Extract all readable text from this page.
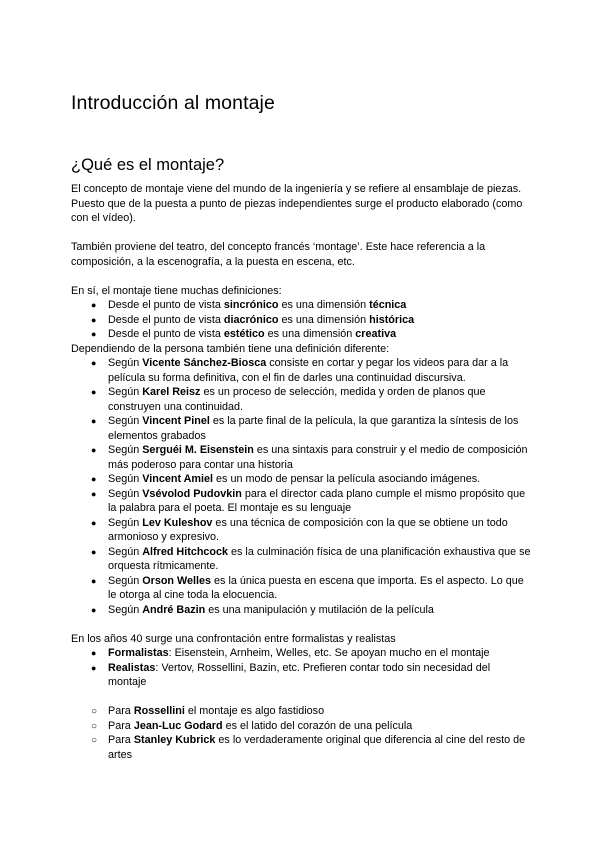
Introducción al montaje
¿Qué es el montaje?

El concepto de montaje viene del mundo de la ingeniería y se refiere al ensamblaje de piezas. Puesto que de la puesta a punto de piezas independientes surge el producto elaborado (como con el vídeo).

También proviene del teatro, del concepto francés ‘montage’. Este hace referencia a la composición, a la escenografía, a la puesta en escena, etc.

En sí, el montaje tiene muchas definiciones:

●
Desde el punto de vista sincrónico es una dimensión técnica
●
Desde el punto de vista diacrónico es una dimensión histórica
●
Desde el punto de vista estético es una dimensión creativa

Dependiendo de la persona también tiene una definición diferente:

●
Según Vicente Sánchez-Biosca consiste en cortar y pegar los videos para dar a la película su forma definitiva, con el fin de darles una continuidad discursiva.
●
Según Karel Reisz es un proceso de selección, medida y orden de planos que construyen una continuidad.
●
Según Vincent Pinel es la parte final de la película, la que garantiza la síntesis de los elementos grabados
●
Según Serguéi M. Eisenstein es una sintaxis para construir y el medio de composición más poderoso para contar una historia
●
Según Vincent Amiel es un modo de pensar la película asociando imágenes.
●
Según Vsévolod Pudovkin para el director cada plano cumple el mismo propósito que la palabra para el poeta. El montaje es su lenguaje
●
Según Lev Kuleshov es una técnica de composición con la que se obtiene un todo armonioso y expresivo.
●
Según Alfred Hitchcock es la culminación física de una planificación exhaustiva que se orquesta rítmicamente.
●
Según Orson Welles es la única puesta en escena que importa. Es el aspecto. Lo que le otorga al cine toda la elocuencia.
●
Según André Bazin es una manipulación y mutilación de la película

En los años 40 surge una confrontación entre formalistas y realistas

●
Formalistas: Eisenstein, Arnheim, Welles, etc. Se apoyan mucho en el montaje
●
Realistas: Vertov, Rossellini, Bazin, etc. Prefieren contar todo sin necesidad del montaje
○
Para Rossellini el montaje es algo fastidioso
○
Para Jean-Luc Godard es el latido del corazón de una película
○
Para Stanley Kubrick es lo verdaderamente original que diferencia al cine del resto de artes
